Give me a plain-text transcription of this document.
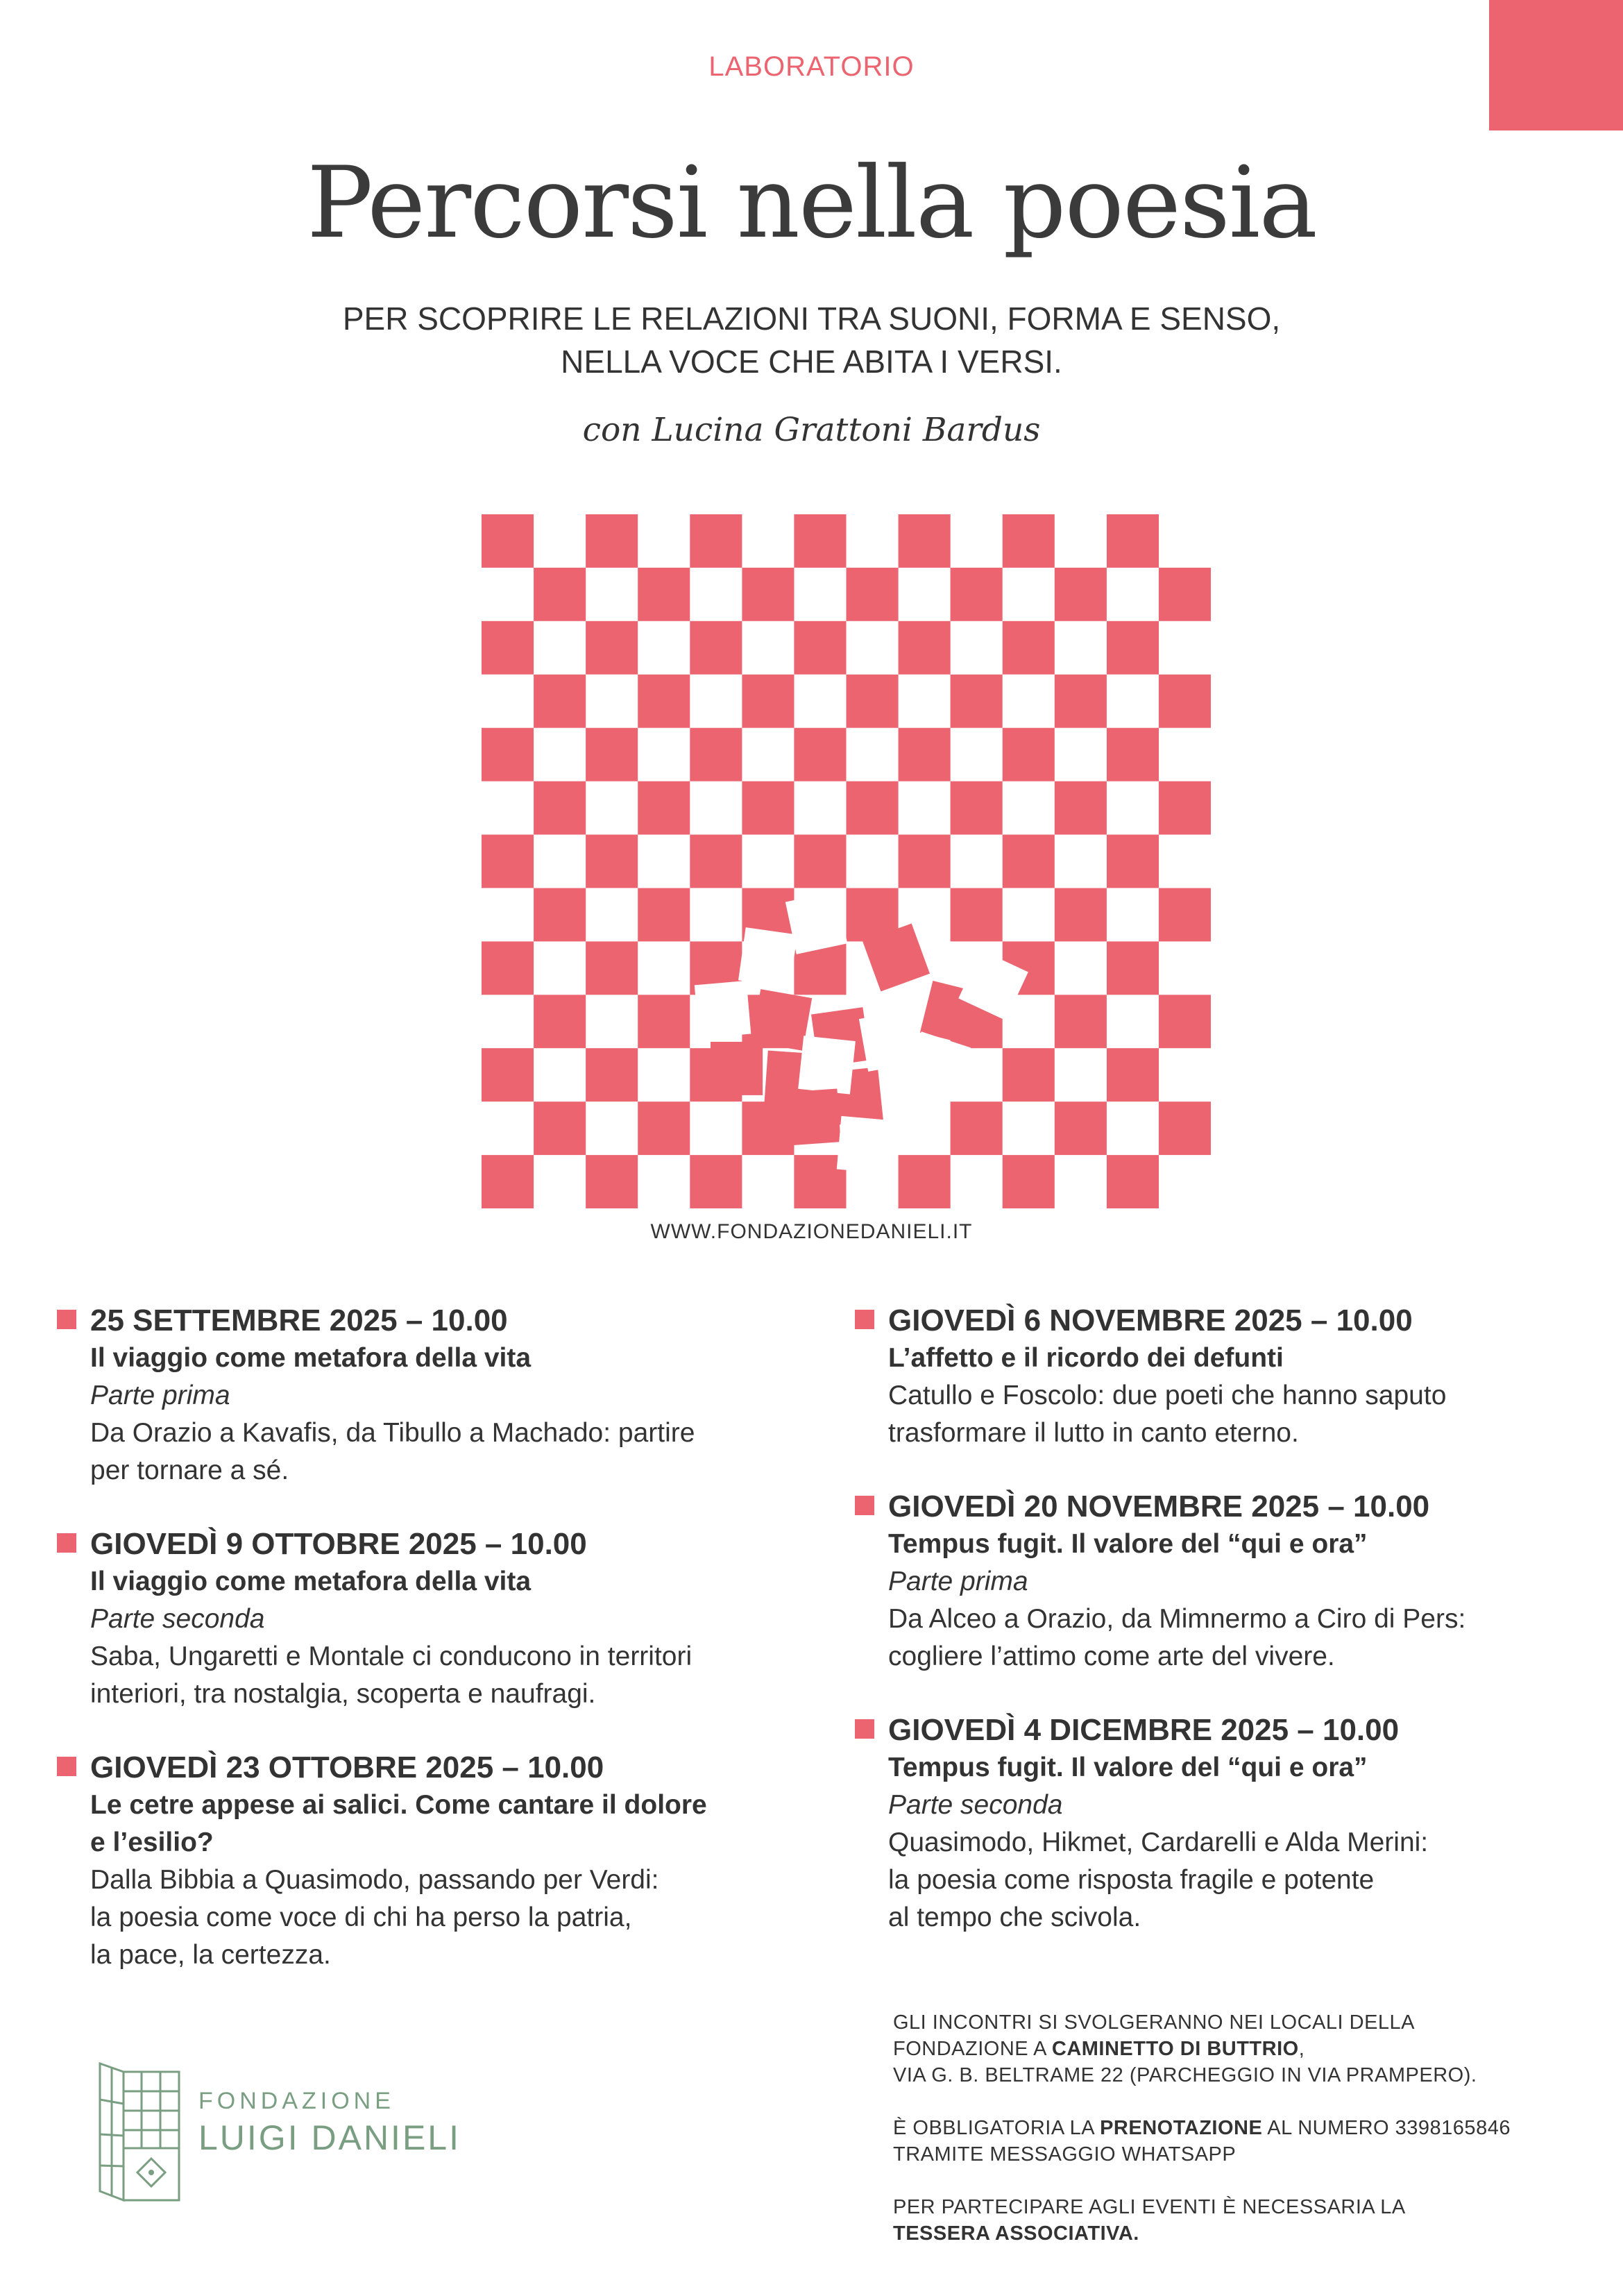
LABORATORIO
Percorsi nella poesia
PER SCOPRIRE LE RELAZIONI TRA SUONI, FORMA E SENSO,
NELLA VOCE CHE ABITA I VERSI.
con Lucina Grattoni Bardus
WWW.FONDAZIONEDANIELI.IT
25 SETTEMBRE 2025 – 10.00
Il viaggio come metafora della vita
Parte prima
Da Orazio a Kavafis, da Tibullo a Machado: partire
per tornare a sé.
GIOVEDÌ 9 OTTOBRE 2025 – 10.00
Il viaggio come metafora della vita
Parte seconda
Saba, Ungaretti e Montale ci conducono in territori
interiori, tra nostalgia, scoperta e naufragi.
GIOVEDÌ 23 OTTOBRE 2025 – 10.00
Le cetre appese ai salici. Come cantare il dolore
e l’esilio?
Dalla Bibbia a Quasimodo, passando per Verdi:
la poesia come voce di chi ha perso la patria,
la pace, la certezza.
GIOVEDÌ 6 NOVEMBRE 2025 – 10.00
L’affetto e il ricordo dei defunti
Catullo e Foscolo: due poeti che hanno saputo
trasformare il lutto in canto eterno.
GIOVEDÌ 20 NOVEMBRE 2025 – 10.00
Tempus fugit. Il valore del “qui e ora”
Parte prima
Da Alceo a Orazio, da Mimnermo a Ciro di Pers:
cogliere l’attimo come arte del vivere.
GIOVEDÌ 4 DICEMBRE 2025 – 10.00
Tempus fugit. Il valore del “qui e ora”
Parte seconda
Quasimodo, Hikmet, Cardarelli e Alda Merini:
la poesia come risposta fragile e potente
al tempo che scivola.

GLI INCONTRI SI SVOLGERANNO NEI LOCALI DELLA
FONDAZIONE A CAMINETTO DI BUTTRIO,
VIA G. B. BELTRAME 22 (PARCHEGGIO IN VIA PRAMPERO).

È OBBLIGATORIA LA PRENOTAZIONE AL NUMERO 3398165846
TRAMITE MESSAGGIO WHATSAPP

PER PARTECIPARE AGLI EVENTI È NECESSARIA LA
TESSERA ASSOCIATIVA.

FONDAZIONE
LUIGI DANIELI
